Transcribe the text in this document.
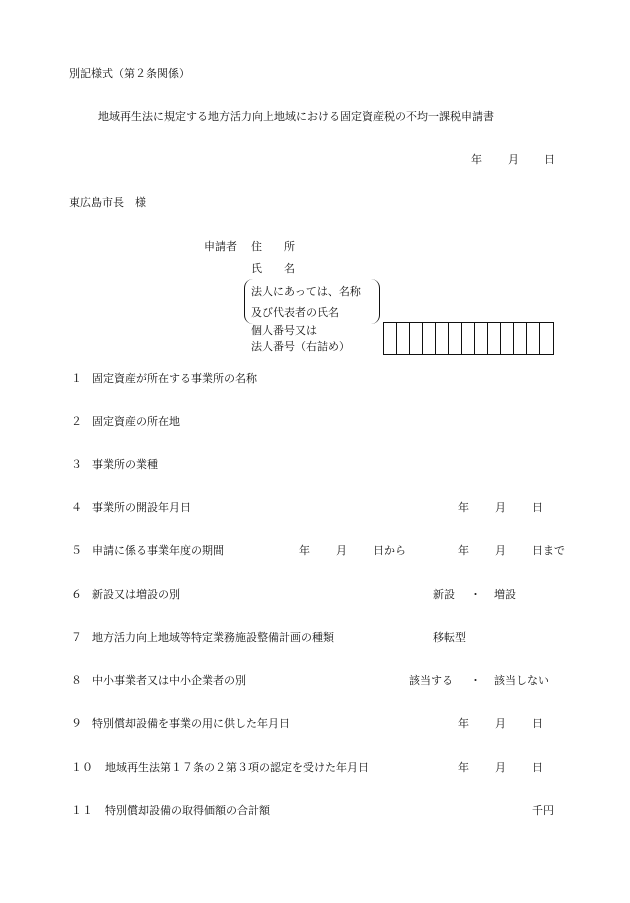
別記様式（第２条関係）
地域再生法に規定する地方活力向上地域における固定資産税の不均一課税申請書
年 月 日
東広島市長　様
申請者 住　　所
氏　　名
法人にあっては、名称
及び代表者の氏名
個人番号又は
法人番号（右詰め）
１ 固定資産が所在する事業所の名称
２ 固定資産の所在地
３ 事業所の業種
４ 事業所の開設年月日	年 月 日
５ 申請に係る事業年度の期間	年 月 日から	年 月 日まで
６ 新設又は増設の別	新設 ・ 増設
７ 地方活力向上地域等特定業務施設整備計画の種類	移転型
８ 中小事業者又は中小企業者の別	該当する ・ 該当しない
９ 特別償却設備を事業の用に供した年月日	年 月 日
１０ 地域再生法第１７条の２第３項の認定を受けた年月日	年 月 日
１１ 特別償却設備の取得価額の合計額	千円
